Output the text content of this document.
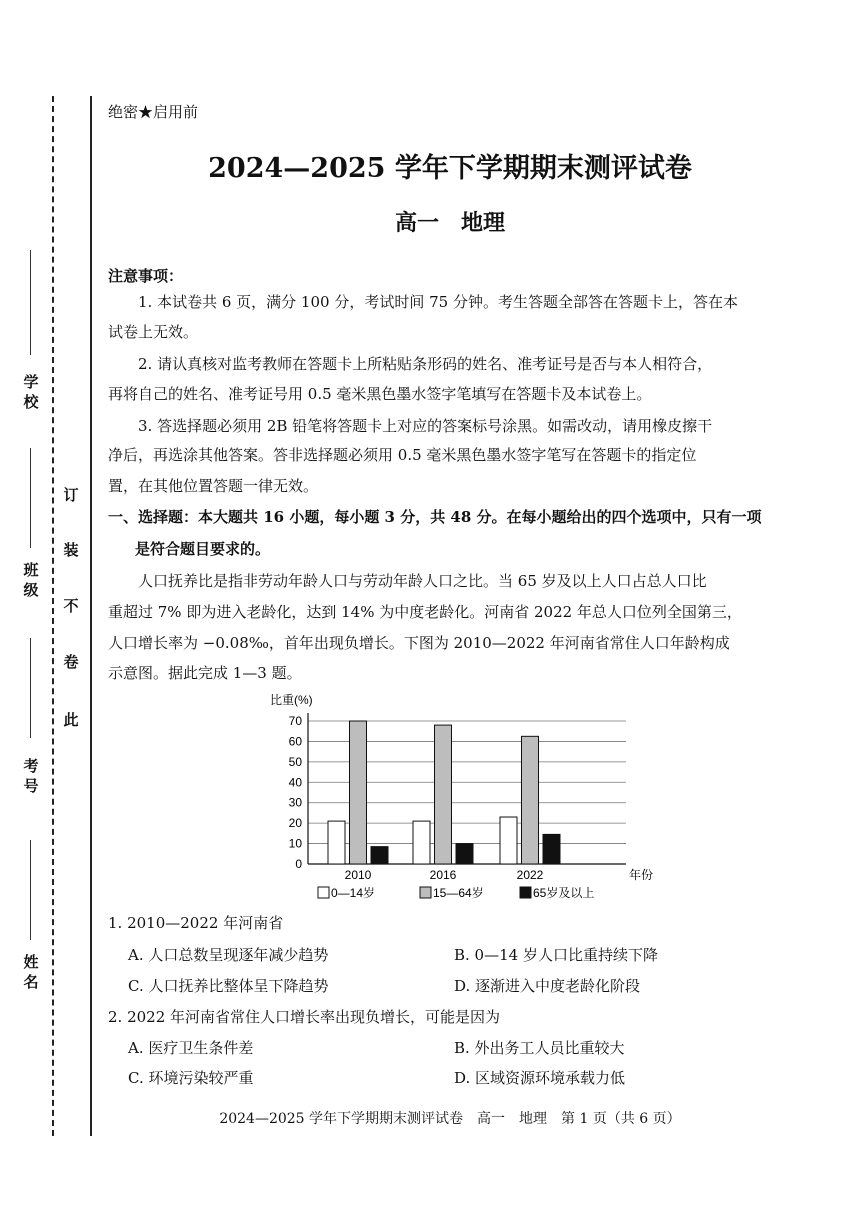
学校
班级
考号
姓名
此
卷
不
装
订
绝密★启用前
2024—2025 学年下学期期末测评试卷
高一　地理
注意事项：
1. 本试卷共 6 页，满分 100 分，考试时间 75 分钟。考生答题全部答在答题卡上，答在本
试卷上无效。
2. 请认真核对监考教师在答题卡上所粘贴条形码的姓名、准考证号是否与本人相符合，
再将自己的姓名、准考证号用 0.5 毫米黑色墨水签字笔填写在答题卡及本试卷上。
3. 答选择题必须用 2B 铅笔将答题卡上对应的答案标号涂黑。如需改动，请用橡皮擦干
净后，再选涂其他答案。答非选择题必须用 0.5 毫米黑色墨水签字笔写在答题卡的指定位
置，在其他位置答题一律无效。
一、选择题：本大题共 16 小题，每小题 3 分，共 48 分。在每小题给出的四个选项中，只有一项
是符合题目要求的。
人口抚养比是指非劳动年龄人口与劳动年龄人口之比。当 65 岁及以上人口占总人口比
重超过 7% 即为进入老龄化，达到 14% 为中度老龄化。河南省 2022 年总人口位列全国第三，
人口增长率为 −0.08‰，首年出现负增长。下图为 2010—2022 年河南省常住人口年龄构成
示意图。据此完成 1—3 题。
0
10
20
30
40
50
60
70
比重(%)
2010	2016	2022	年份
0—14岁	15—64岁	65岁及以上
1. 2010—2022 年河南省
A. 人口总数呈现逐年减少趋势	B. 0—14 岁人口比重持续下降
C. 人口抚养比整体呈下降趋势	D. 逐渐进入中度老龄化阶段
2. 2022 年河南省常住人口增长率出现负增长，可能是因为
A. 医疗卫生条件差	B. 外出务工人员比重较大
C. 环境污染较严重	D. 区域资源环境承载力低
2024—2025 学年下学期期末测评试卷　高一　地理　第 1 页（共 6 页）
